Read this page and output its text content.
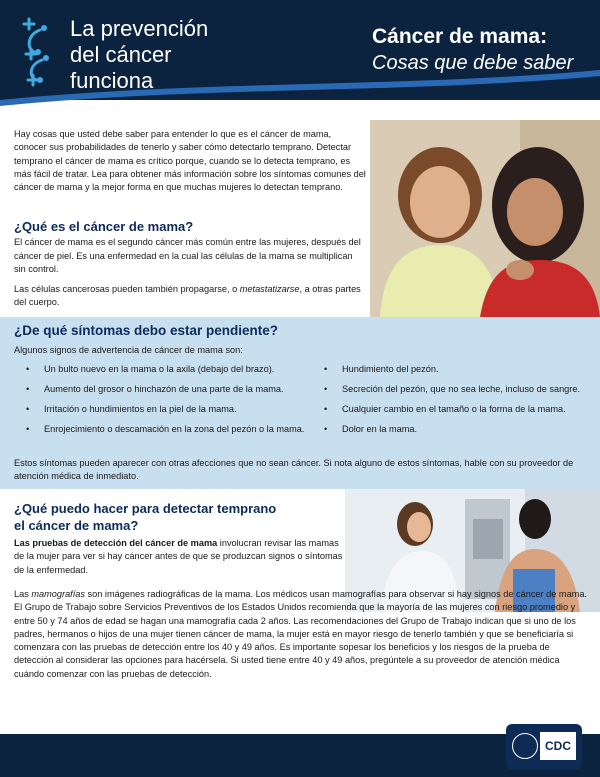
La prevención
del cáncer
funciona
Cáncer de mama:
Cosas que debe saber

Hay cosas que usted debe saber para entender lo que es el cáncer de mama, conocer sus probabilidades de tenerlo y saber cómo detectarlo temprano. Detectar temprano el cáncer de mama es crítico porque, cuando se lo detecta temprano, es más fácil de tratar. Lea para obtener más información sobre los síntomas comunes del cáncer de mama y la mejor forma en que muchas mujeres lo detectan temprano.

¿Qué es el cáncer de mama?

El cáncer de mama es el segundo cáncer más común entre las mujeres, después del cáncer de piel. Es una enfermedad en la cual las células de la mama se multiplican sin control.

Las células cancerosas pueden también propagarse, o metastatizarse, a otras partes del cuerpo.

¿De qué síntomas debo estar pendiente?
Algunos signos de advertencia de cáncer de mama son:
• Un bulto nuevo en la mama o la axila (debajo del brazo).
• Aumento del grosor o hinchazón de una parte de la mama.
• Irritación o hundimientos en la piel de la mama.
• Enrojecimiento o descamación en la zona del pezón o la mama.
• Hundimiento del pezón.
• Secreción del pezón, que no sea leche, incluso de sangre.
• Cualquier cambio en el tamaño o la forma de la mama.
• Dolor en la mama.
Estos síntomas pueden aparecer con otras afecciones que no sean cáncer. Si nota alguno de estos síntomas, hable con su proveedor de atención médica de inmediato.
¿Qué puedo hacer para detectar temprano
el cáncer de mama?
Las pruebas de detección del cáncer de mama involucran revisar las mamas de la mujer para ver si hay cáncer antes de que se produzcan signos o síntomas de la enfermedad.
Las mamografías son imágenes radiográficas de la mama. Los médicos usan mamografías para observar si hay signos de cáncer de mama. El Grupo de Trabajo sobre Servicios Preventivos de los Estados Unidos recomienda que la mayoría de las mujeres con riesgo promedio y entre 50 y 74 años de edad se hagan una mamografía cada 2 años. Las recomendaciones del Grupo de Trabajo indican que si uno de los padres, hermanos o hijos de una mujer tienen cáncer de mama, la mujer está en mayor riesgo de tenerlo también y que se beneficiaría si comenzara con las pruebas de detección entre los 40 y 49 años. Es importante sopesar los beneficios y los riesgos de la prueba de detección al considerar las opciones para hacérsela. Si usted tiene entre 40 y 49 años, pregúntele a su proveedor de atención médica cuándo comenzar con las pruebas de detección.
CDC
